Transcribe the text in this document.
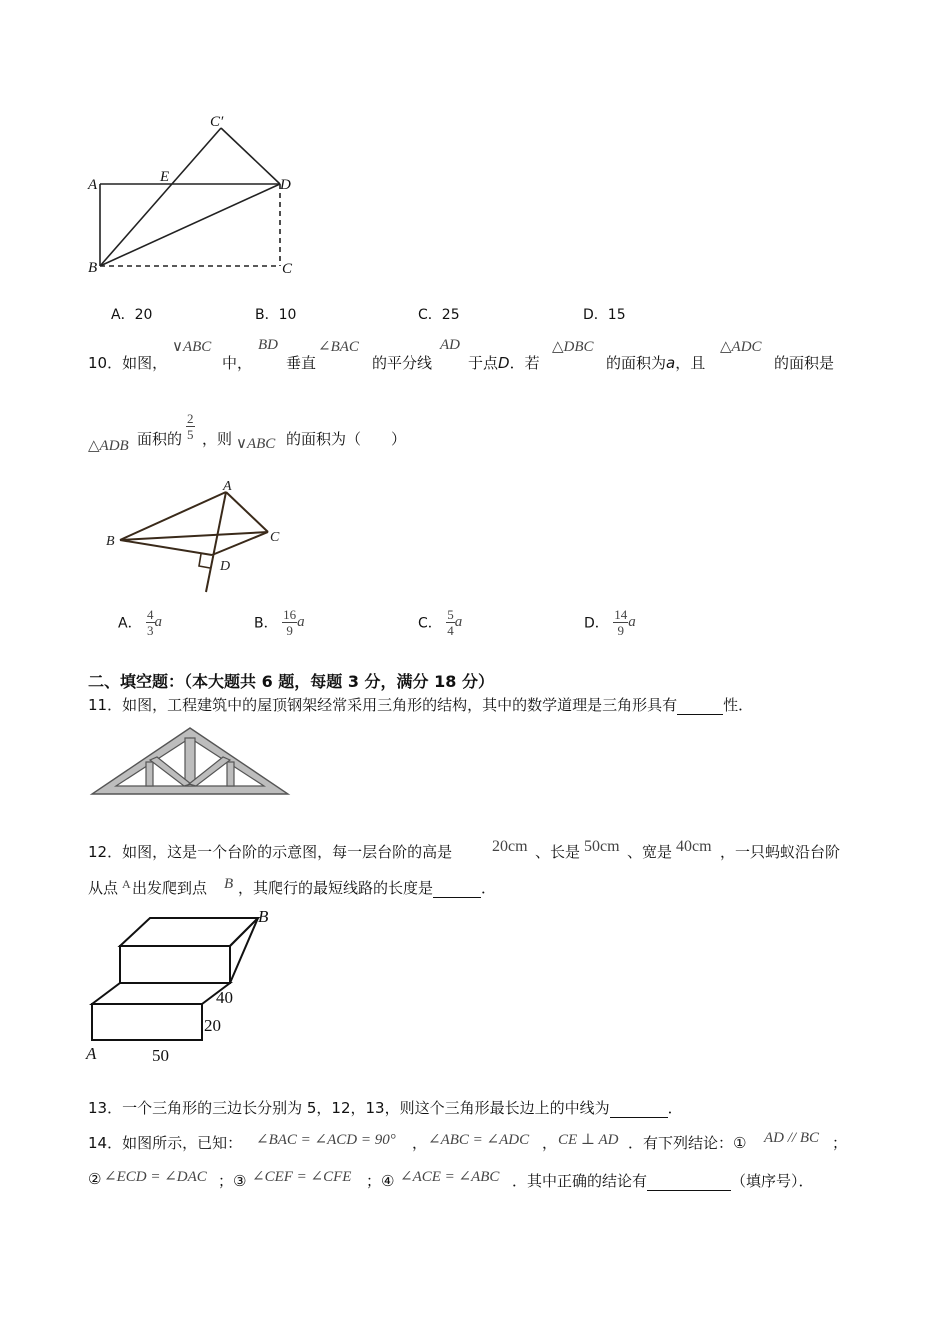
A
B	C
D
E
C′
A．20	B．10	C．25	D．15
10．如图，
∨ABC
中，
BD
垂直
∠BAC
的平分线
AD
于点D．若
△DBC
的面积为a，且
△ADC
的面积是
△ADB 面积的 $\frac{2}{5}$ ，则 ∨ABC 的面积为（　　）
A
B	C
D
A． $\frac{4}{3}$ a	B． $\frac{16}{9}$ a	C． $\frac{5}{4}$ a	D． $\frac{14}{9}$ a
二、填空题：（本大题共 6 题，每题 3 分，满分 18 分）
11．如图，工程建筑中的屋顶钢架经常采用三角形的结构，其中的数学道理是三角形具有	性．
12．如图，这是一个台阶的示意图，每一层台阶的高是 20cm 、长是 50cm 、宽是 40cm ，一只蚂蚁沿台阶
从点 A 出发爬到点 B ，其爬行的最短线路的长度是	．
B
A
40
20
50
13．一个三角形的三边长分别为 5，12，13，则这个三角形最长边上的中线为	．
14．如图所示，已知： ∠BAC = ∠ACD = 90° ， ∠ABC = ∠ADC ， CE ⊥ AD ．有下列结论：① AD // BC ；
② ∠ECD = ∠DAC ；③ ∠CEF = ∠CFE ；④ ∠ACE = ∠ABC ．其中正确的结论有	（填序号）．
